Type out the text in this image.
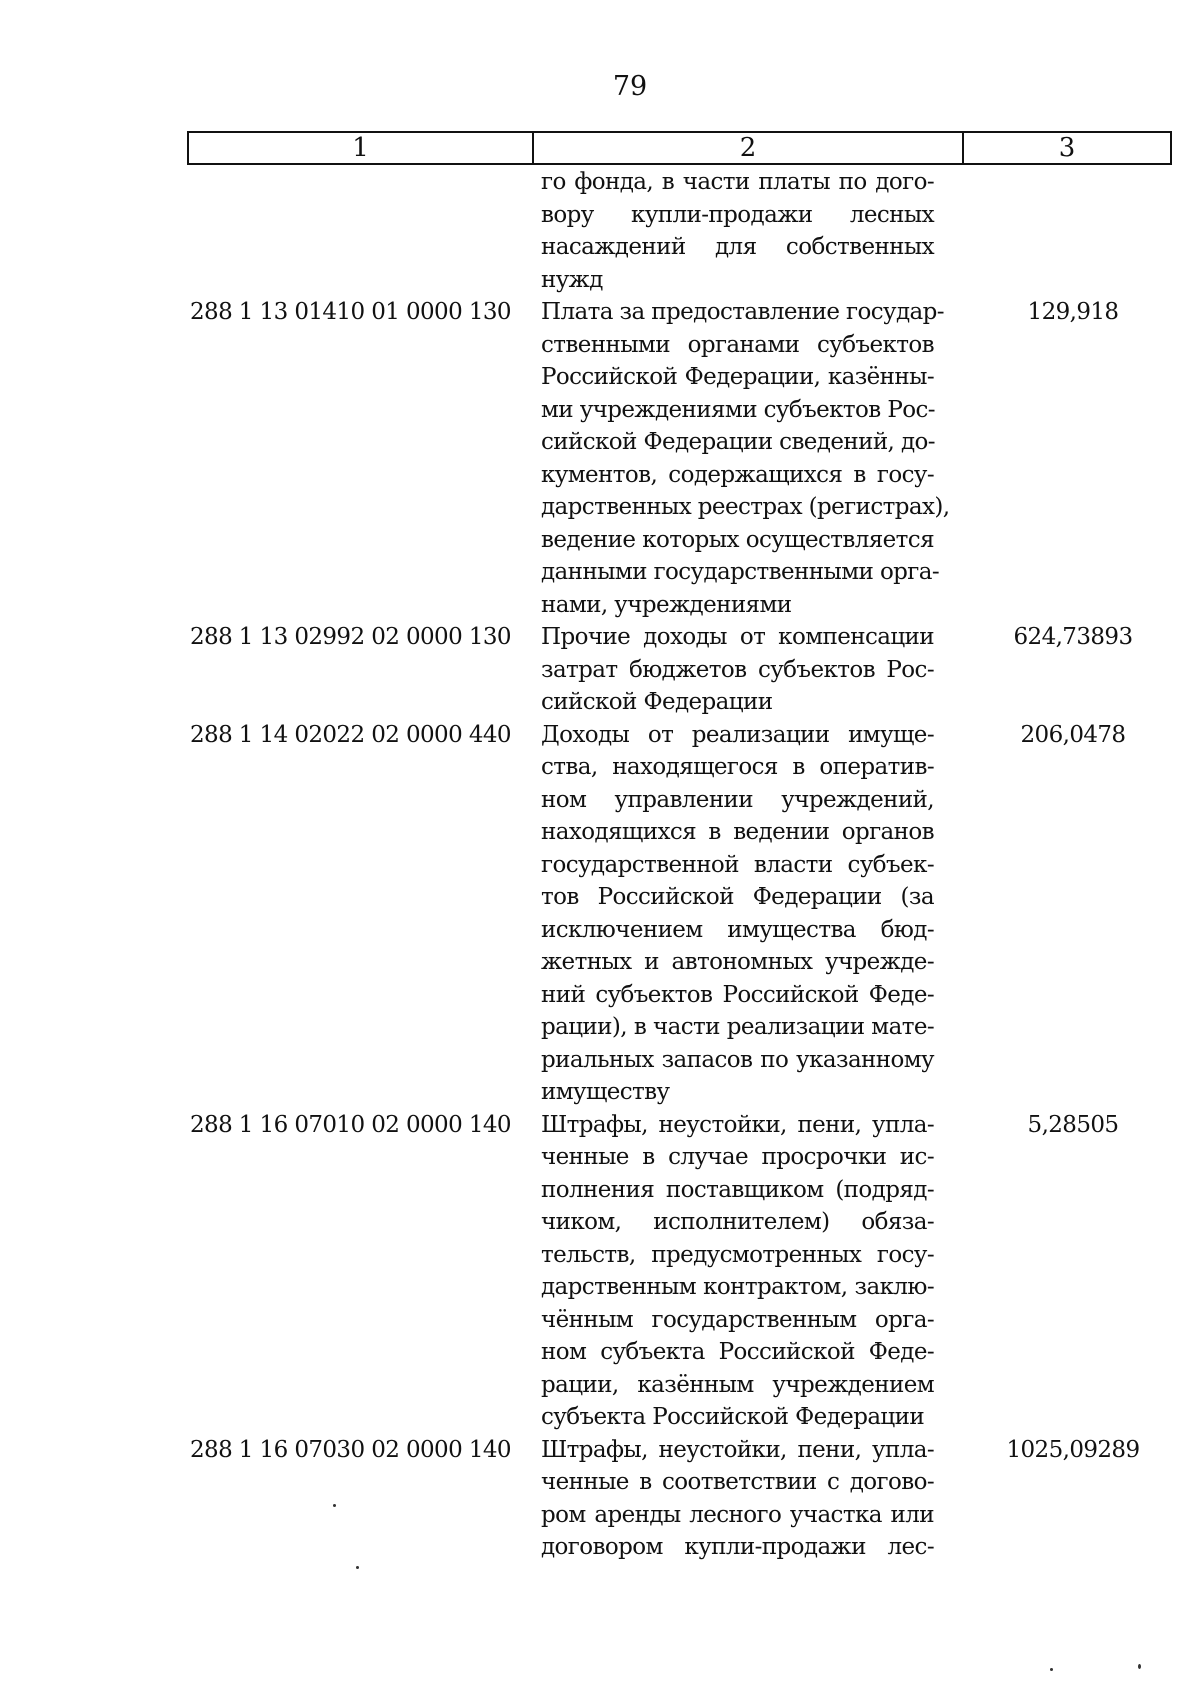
79
1	2	3
го фонда, в части платы по дого-
вору купли-продажи лесных
насаждений для собственных
нужд
288 1 13 01410 01 0000 130	Плата за предоставление государ-
ственными органами субъектов
Российской Федерации, казённы-
ми учреждениями субъектов Рос-
сийской Федерации сведений, до-
кументов, содержащихся в госу-
дарственных реестрах (регистрах),
ведение которых осуществляется
данными государственными орга-
нами, учреждениями
129,918
288 1 13 02992 02 0000 130	Прочие доходы от компенсации
затрат бюджетов субъектов Рос-
сийской Федерации
624,73893
288 1 14 02022 02 0000 440	Доходы от реализации имуще-
ства, находящегося в оператив-
ном управлении учреждений,
находящихся в ведении органов
государственной власти субъек-
тов Российской Федерации (за
исключением имущества бюд-
жетных и автономных учрежде-
ний субъектов Российской Феде-
рации), в части реализации мате-
риальных запасов по указанному
имуществу
206,0478
288 1 16 07010 02 0000 140	Штрафы, неустойки, пени, упла-
ченные в случае просрочки ис-
полнения поставщиком (подряд-
чиком, исполнителем) обяза-
тельств, предусмотренных госу-
дарственным контрактом, заклю-
чённым государственным орга-
ном субъекта Российской Феде-
рации, казённым учреждением
субъекта Российской Федерации
5,28505
288 1 16 07030 02 0000 140	Штрафы, неустойки, пени, упла-
ченные в соответствии с догово-
ром аренды лесного участка или
договором купли-продажи лес-
1025,09289
